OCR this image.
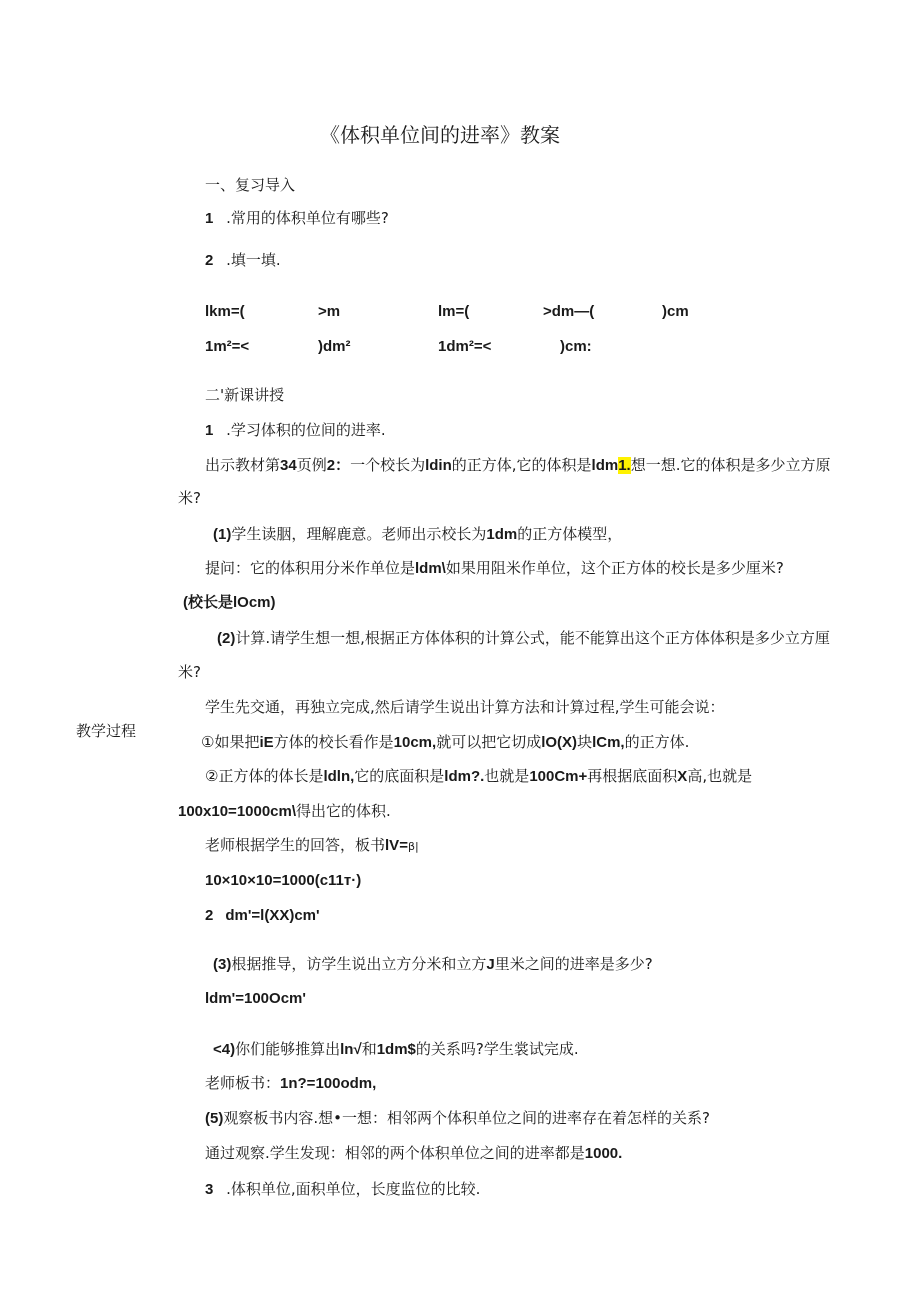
《体积单位间的进率》教案
一、复习导入
1 .常用的体积单位有哪些?
2 .填一填.
lkm=(	>m	lm=(	>dm—(	)cm
1m²=<	)dm²	1dm²=<	)cm:
二'新课讲授
1 .学习体积的位间的进率.
出示教材第34页例2：一个校长为ldin的正方体,它的体积是ldm1.想一想.它的体积是多少立方原
米?
(1)学生读胭，理解鹿意。老师出示校长为1dm的正方体模型，
提问：它的体积用分米作单位是ldm\如果用阻米作单位，这个正方体的校长是多少厘米?
(校长是lOcm)
(2)计算.请学生想一想,根据正方体体积的计算公式，能不能算出这个正方体体积是多少立方厘
米?
学生先交通，再独立完成,然后请学生说出计算方法和计算过程,学生可能会说：
教学过程
①如果把iE方体的校长看作是10cm,就可以把它切成lO(X)块lCm,的正方体.
②正方体的体长是ldln,它的底面积是ldm?.也就是100Cm+再根据底面积X高,也就是
100x10=1000cm\得出它的体积.
老师根据学生的回答，板书lV=β|
10×10×10=1000(c11т·)
2 dm'=l(XX)cm'
(3)根据推导，访学生说出立方分米和立方J里米之间的进率是多少?
ldm'=100Ocm'
<4)你们能够推算出ln√和1dm$的关系吗?学生裳试完成.
老师板书：1n?=100odm,
(5)观察板书内容.想•一想：相邻两个体积单位之间的进率存在着怎样的关系?
通过观察.学生发现：相邻的两个体积单位之间的进率都是1000.
3 .体积单位,面积单位，长度监位的比较.
